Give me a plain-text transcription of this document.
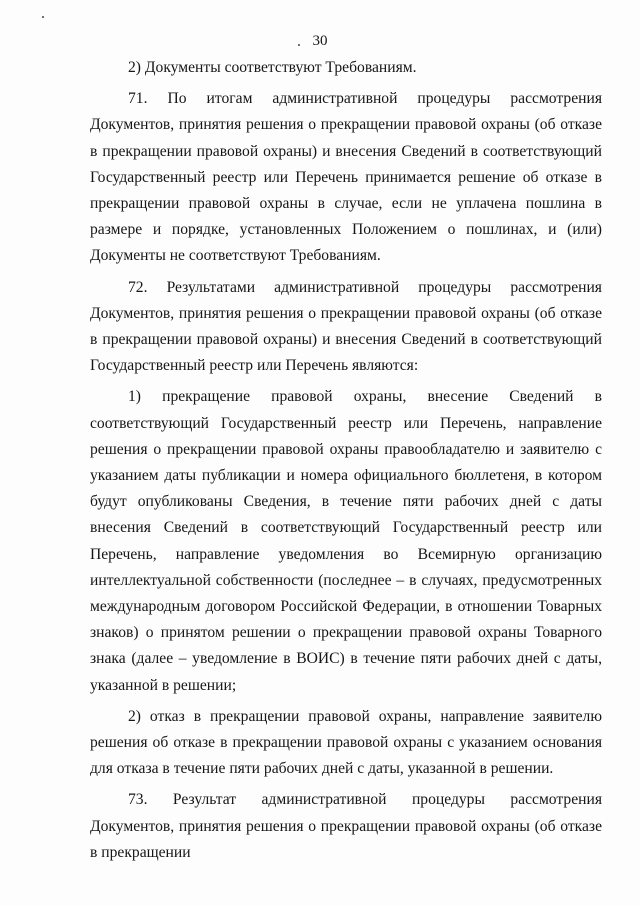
30

2) Документы соответствуют Требованиям.

71. По итогам административной процедуры рассмотрения Документов, принятия решения о прекращении правовой охраны (об отказе в прекращении правовой охраны) и внесения Сведений в соответствующий Государственный реестр или Перечень принимается решение об отказе в прекращении правовой охраны в случае, если не уплачена пошлина в размере и порядке, установленных Положением о пошлинах, и (или) Документы не соответствуют Требованиям.

72. Результатами административной процедуры рассмотрения Документов, принятия решения о прекращении правовой охраны (об отказе в прекращении правовой охраны) и внесения Сведений в соответствующий Государственный реестр или Перечень являются:

1) прекращение правовой охраны, внесение Сведений в соответствующий Государственный реестр или Перечень, направление решения о прекращении правовой охраны правообладателю и заявителю с указанием даты публикации и номера официального бюллетеня, в котором будут опубликованы Сведения, в течение пяти рабочих дней с даты внесения Сведений в соответствующий Государственный реестр или Перечень, направление уведомления во Всемирную организацию интеллектуальной собственности (последнее – в случаях, предусмотренных международным договором Российской Федерации, в отношении Товарных знаков) о принятом решении о прекращении правовой охраны Товарного знака (далее – уведомление в ВОИС) в течение пяти рабочих дней с даты, указанной в решении;

2) отказ в прекращении правовой охраны, направление заявителю решения об отказе в прекращении правовой охраны с указанием основания для отказа в течение пяти рабочих дней с даты, указанной в решении.

73. Результат административной процедуры рассмотрения Документов, принятия решения о прекращении правовой охраны (об отказе в прекращении
